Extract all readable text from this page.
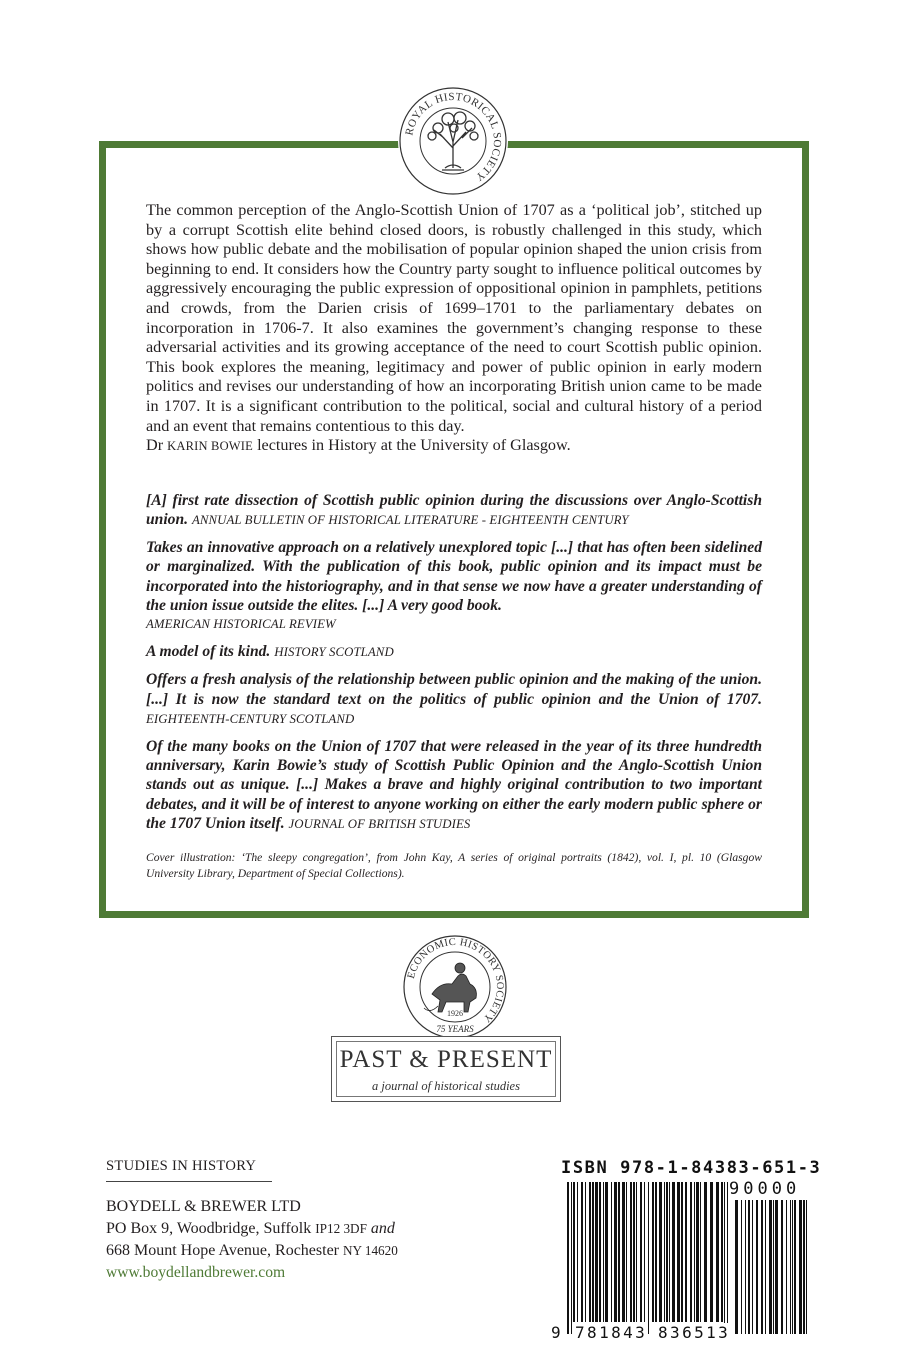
ROYAL HISTORICAL SOCIETY

The common perception of the Anglo-Scottish Union of 1707 as a ‘political job’, stitched up by a corrupt Scottish elite behind closed doors, is robustly challenged in this study, which shows how public debate and the mobilisation of popular opinion shaped the union crisis from beginning to end. It considers how the Country party sought to influence political outcomes by aggressively encouraging the public expression of oppositional opinion in pamphlets, petitions and crowds, from the Darien crisis of 1699–1701 to the parliamentary debates on incorporation in 1706-7. It also examines the government’s changing response to these adversarial activities and its growing acceptance of the need to court Scottish public opinion. This book explores the meaning, legitimacy and power of public opinion in early modern politics and revises our understanding of how an incorporating British union came to be made in 1707. It is a significant contribution to the political, social and cultural history of a period and an event that remains contentious to this day.

Dr KARIN BOWIE lectures in History at the University of Glasgow.

[A] first rate dissection of Scottish public opinion during the discussions over Anglo-Scottish union. ANNUAL BULLETIN OF HISTORICAL LITERATURE - EIGHTEENTH CENTURY

Takes an innovative approach on a relatively unexplored topic [...] that has often been sidelined or marginalized. With the publication of this book, public opinion and its impact must be incorporated into the historiography, and in that sense we now have a greater understanding of the union issue outside the elites. [...] A very good book.
AMERICAN HISTORICAL REVIEW

A model of its kind. HISTORY SCOTLAND

Offers a fresh analysis of the relationship between public opinion and the making of the union. [...] It is now the standard text on the politics of public opinion and the Union of 1707. EIGHTEENTH-CENTURY SCOTLAND

Of the many books on the Union of 1707 that were released in the year of its three hundredth anniversary, Karin Bowie’s study of Scottish Public Opinion and the Anglo-Scottish Union stands out as unique. [...] Makes a brave and highly original contribution to two important debates, and it will be of interest to anyone working on either the early modern public sphere or the 1707 Union itself. JOURNAL OF BRITISH STUDIES

Cover illustration: ‘The sleepy congregation’, from John Kay, A series of original portraits (1842), vol. I, pl. 10 (Glasgow University Library, Department of Special Collections).
ECONOMIC HISTORY SOCIETY
1926
75 YEARS
PAST & PRESENT
a journal of historical studies
STUDIES IN HISTORY
BOYDELL & BREWER LTD
PO Box 9, Woodbridge, Suffolk IP12 3DF and
668 Mount Hope Avenue, Rochester NY 14620
www.boydellandbrewer.com
ISBN 978-1-84383-651-3
9 781843 836513
90000
